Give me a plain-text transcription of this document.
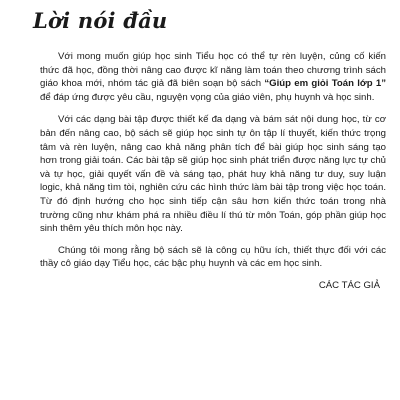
Lời nói đầu

Với mong muốn giúp học sinh Tiểu học có thể tự rèn luyện, củng cố kiến thức đã học, đồng thời nâng cao được kĩ năng làm toán theo chương trình sách giáo khoa mới, nhóm tác giả đã biên soạn bộ sách “Giúp em giỏi Toán lớp 1” để đáp ứng được yêu cầu, nguyện vọng của giáo viên, phụ huynh và học sinh.

Với các dạng bài tập được thiết kế đa dạng và bám sát nội dung học, từ cơ bản đến nâng cao, bộ sách sẽ giúp học sinh tự ôn tập lí thuyết, kiến thức trọng tâm và rèn luyện, nâng cao khả năng phân tích để bài giúp học sinh sáng tạo hơn trong giải toán. Các bài tập sẽ giúp học sinh phát triển được năng lực tự chủ và tự học, giải quyết vấn đề và sáng tạo, phát huy khả năng tư duy, suy luận logic, khả năng tìm tòi, nghiên cứu các hình thức làm bài tập trong việc học toán. Từ đó định hướng cho học sinh tiếp cận sâu hơn kiến thức toán trong nhà trường cũng như khám phá ra nhiều điều lí thú từ môn Toán, góp phần giúp học sinh thêm yêu thích môn học này.

Chúng tôi mong rằng bộ sách sẽ là công cụ hữu ích, thiết thực đối với các thầy cô giáo dạy Tiểu học, các bậc phụ huynh và các em học sinh.

CÁC TÁC GIẢ
